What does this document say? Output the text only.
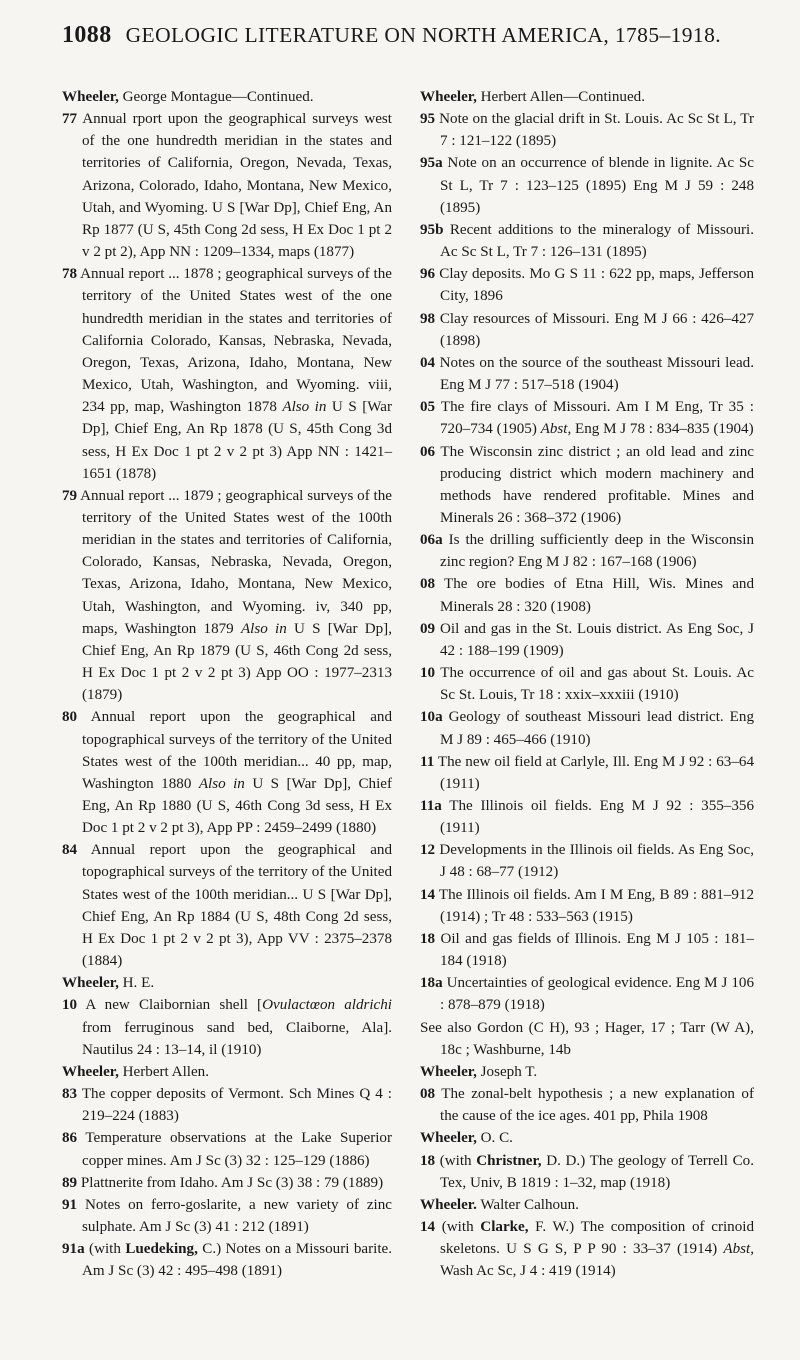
1088 GEOLOGIC LITERATURE ON NORTH AMERICA, 1785–1918.

Wheeler, George Montague—Continued.

77 Annual rport upon the geographical surveys west of the one hundredth meridian in the states and territories of California, Oregon, Nevada, Texas, Arizona, Colorado, Idaho, Montana, New Mexico, Utah, and Wyoming. U S [War Dp], Chief Eng, An Rp 1877 (U S, 45th Cong 2d sess, H Ex Doc 1 pt 2 v 2 pt 2), App NN : 1209–1334, maps (1877)

78 Annual report ... 1878 ; geographical surveys of the territory of the United States west of the one hundredth meridian in the states and territories of California Colorado, Kansas, Nebraska, Nevada, Oregon, Texas, Arizona, Idaho, Montana, New Mexico, Utah, Washington, and Wyoming. viii, 234 pp, map, Washington 1878 Also in U S [War Dp], Chief Eng, An Rp 1878 (U S, 45th Cong 3d sess, H Ex Doc 1 pt 2 v 2 pt 3) App NN : 1421–1651 (1878)

79 Annual report ... 1879 ; geographical surveys of the territory of the United States west of the 100th meridian in the states and territories of California, Colorado, Kansas, Nebraska, Nevada, Oregon, Texas, Arizona, Idaho, Montana, New Mexico, Utah, Washington, and Wyoming. iv, 340 pp, maps, Washington 1879 Also in U S [War Dp], Chief Eng, An Rp 1879 (U S, 46th Cong 2d sess, H Ex Doc 1 pt 2 v 2 pt 3) App OO : 1977–2313 (1879)

80 Annual report upon the geographical and topographical surveys of the territory of the United States west of the 100th meridian... 40 pp, map, Washington 1880 Also in U S [War Dp], Chief Eng, An Rp 1880 (U S, 46th Cong 3d sess, H Ex Doc 1 pt 2 v 2 pt 3), App PP : 2459–2499 (1880)

84 Annual report upon the geographical and topographical surveys of the territory of the United States west of the 100th meridian... U S [War Dp], Chief Eng, An Rp 1884 (U S, 48th Cong 2d sess, H Ex Doc 1 pt 2 v 2 pt 3), App VV : 2375–2378 (1884)

Wheeler, H. E.

10 A new Claibornian shell [Ovulactœon aldrichi from ferruginous sand bed, Claiborne, Ala]. Nautilus 24 : 13–14, il (1910)

Wheeler, Herbert Allen.

83 The copper deposits of Vermont. Sch Mines Q 4 : 219–224 (1883)

86 Temperature observations at the Lake Superior copper mines. Am J Sc (3) 32 : 125–129 (1886)

89 Plattnerite from Idaho. Am J Sc (3) 38 : 79 (1889)

91 Notes on ferro-goslarite, a new variety of zinc sulphate. Am J Sc (3) 41 : 212 (1891)

91a (with Luedeking, C.) Notes on a Missouri barite. Am J Sc (3) 42 : 495–498 (1891)

Wheeler, Herbert Allen—Continued.

95 Note on the glacial drift in St. Louis. Ac Sc St L, Tr 7 : 121–122 (1895)

95a Note on an occurrence of blende in lignite. Ac Sc St L, Tr 7 : 123–125 (1895) Eng M J 59 : 248 (1895)

95b Recent additions to the mineralogy of Missouri. Ac Sc St L, Tr 7 : 126–131 (1895)

96 Clay deposits. Mo G S 11 : 622 pp, maps, Jefferson City, 1896

98 Clay resources of Missouri. Eng M J 66 : 426–427 (1898)

04 Notes on the source of the southeast Missouri lead. Eng M J 77 : 517–518 (1904)

05 The fire clays of Missouri. Am I M Eng, Tr 35 : 720–734 (1905) Abst, Eng M J 78 : 834–835 (1904)

06 The Wisconsin zinc district ; an old lead and zinc producing district which modern machinery and methods have rendered profitable. Mines and Minerals 26 : 368–372 (1906)

06a Is the drilling sufficiently deep in the Wisconsin zinc region? Eng M J 82 : 167–168 (1906)

08 The ore bodies of Etna Hill, Wis. Mines and Minerals 28 : 320 (1908)

09 Oil and gas in the St. Louis district. As Eng Soc, J 42 : 188–199 (1909)

10 The occurrence of oil and gas about St. Louis. Ac Sc St. Louis, Tr 18 : xxix–xxxiii (1910)

10a Geology of southeast Missouri lead district. Eng M J 89 : 465–466 (1910)

11 The new oil field at Carlyle, Ill. Eng M J 92 : 63–64 (1911)

11a The Illinois oil fields. Eng M J 92 : 355–356 (1911)

12 Developments in the Illinois oil fields. As Eng Soc, J 48 : 68–77 (1912)

14 The Illinois oil fields. Am I M Eng, B 89 : 881–912 (1914) ; Tr 48 : 533–563 (1915)

18 Oil and gas fields of Illinois. Eng M J 105 : 181–184 (1918)

18a Uncertainties of geological evidence. Eng M J 106 : 878–879 (1918)

See also Gordon (C H), 93 ; Hager, 17 ; Tarr (W A), 18c ; Washburne, 14b

Wheeler, Joseph T.

08 The zonal-belt hypothesis ; a new explanation of the cause of the ice ages. 401 pp, Phila 1908

Wheeler, O. C.

18 (with Christner, D. D.) The geology of Terrell Co. Tex, Univ, B 1819 : 1–32, map (1918)

Wheeler. Walter Calhoun.

14 (with Clarke, F. W.) The composition of crinoid skeletons. U S G S, P P 90 : 33–37 (1914) Abst, Wash Ac Sc, J 4 : 419 (1914)
